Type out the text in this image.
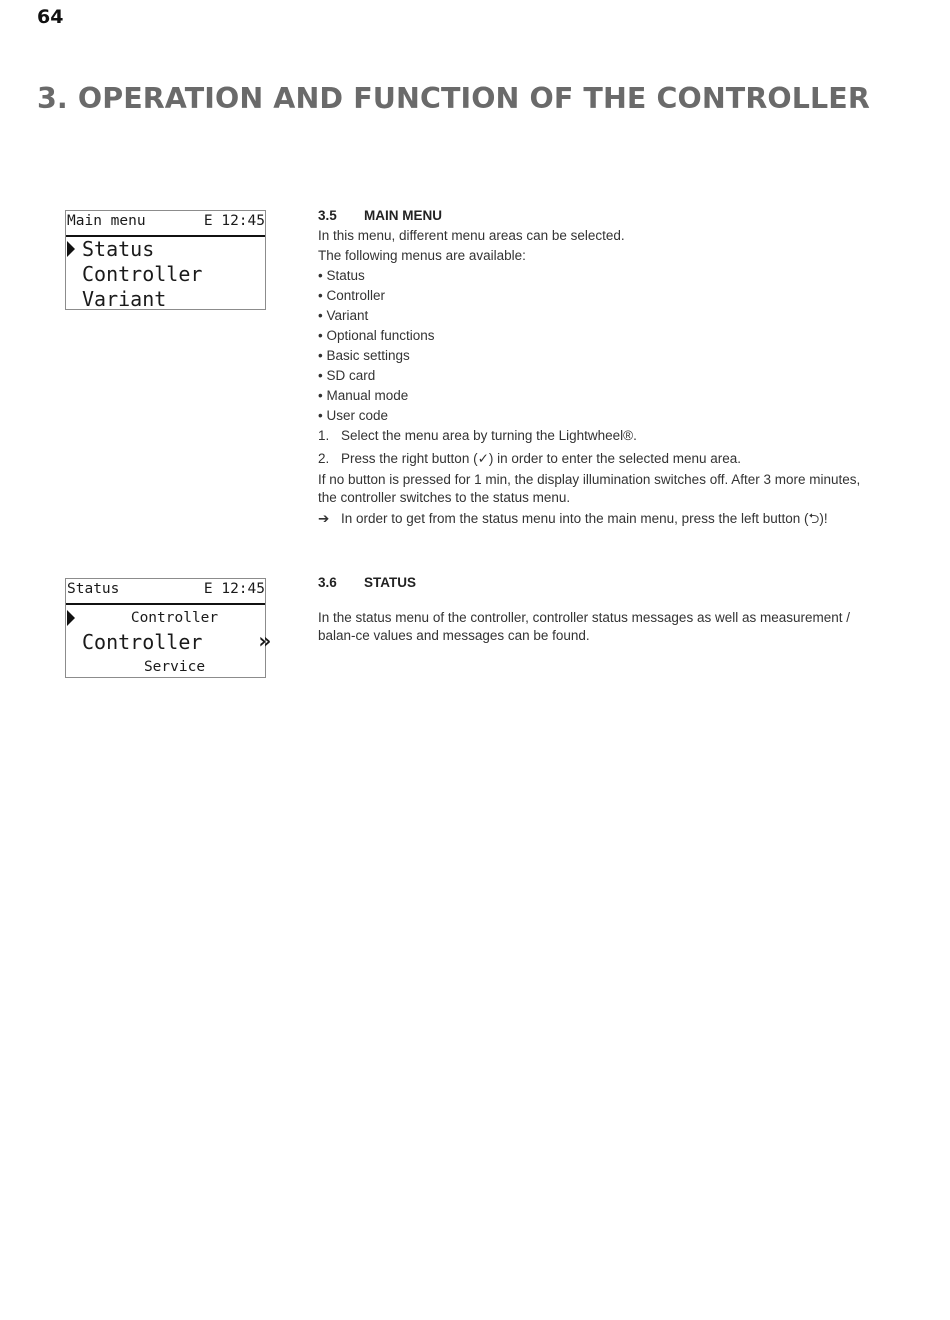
64
3. OPERATION AND FUNCTION OF THE CONTROLLER
Main menu	E 12:45
Status
Controller
Variant
Status	E 12:45
Controller
Controller	»
Service
3.5 MAIN MENU

In this menu, different menu areas can be selected.

The following menus are available:

• Status

• Controller

• Variant

• Optional functions

• Basic settings

• SD card

• Manual mode

• User code

1. Select the menu area by turning the Lightwheel®.

2. Press the right button (✓) in order to enter the selected menu area.

If no button is pressed for 1 min, the display illumination switches off. After 3 more minutes, the controller switches to the status menu.

➔ In order to get from the status menu into the main menu, press the left button (⮌)!

3.6 STATUS

In the status menu of the controller, controller status messages as well as measurement / balan-ce values and messages can be found.
